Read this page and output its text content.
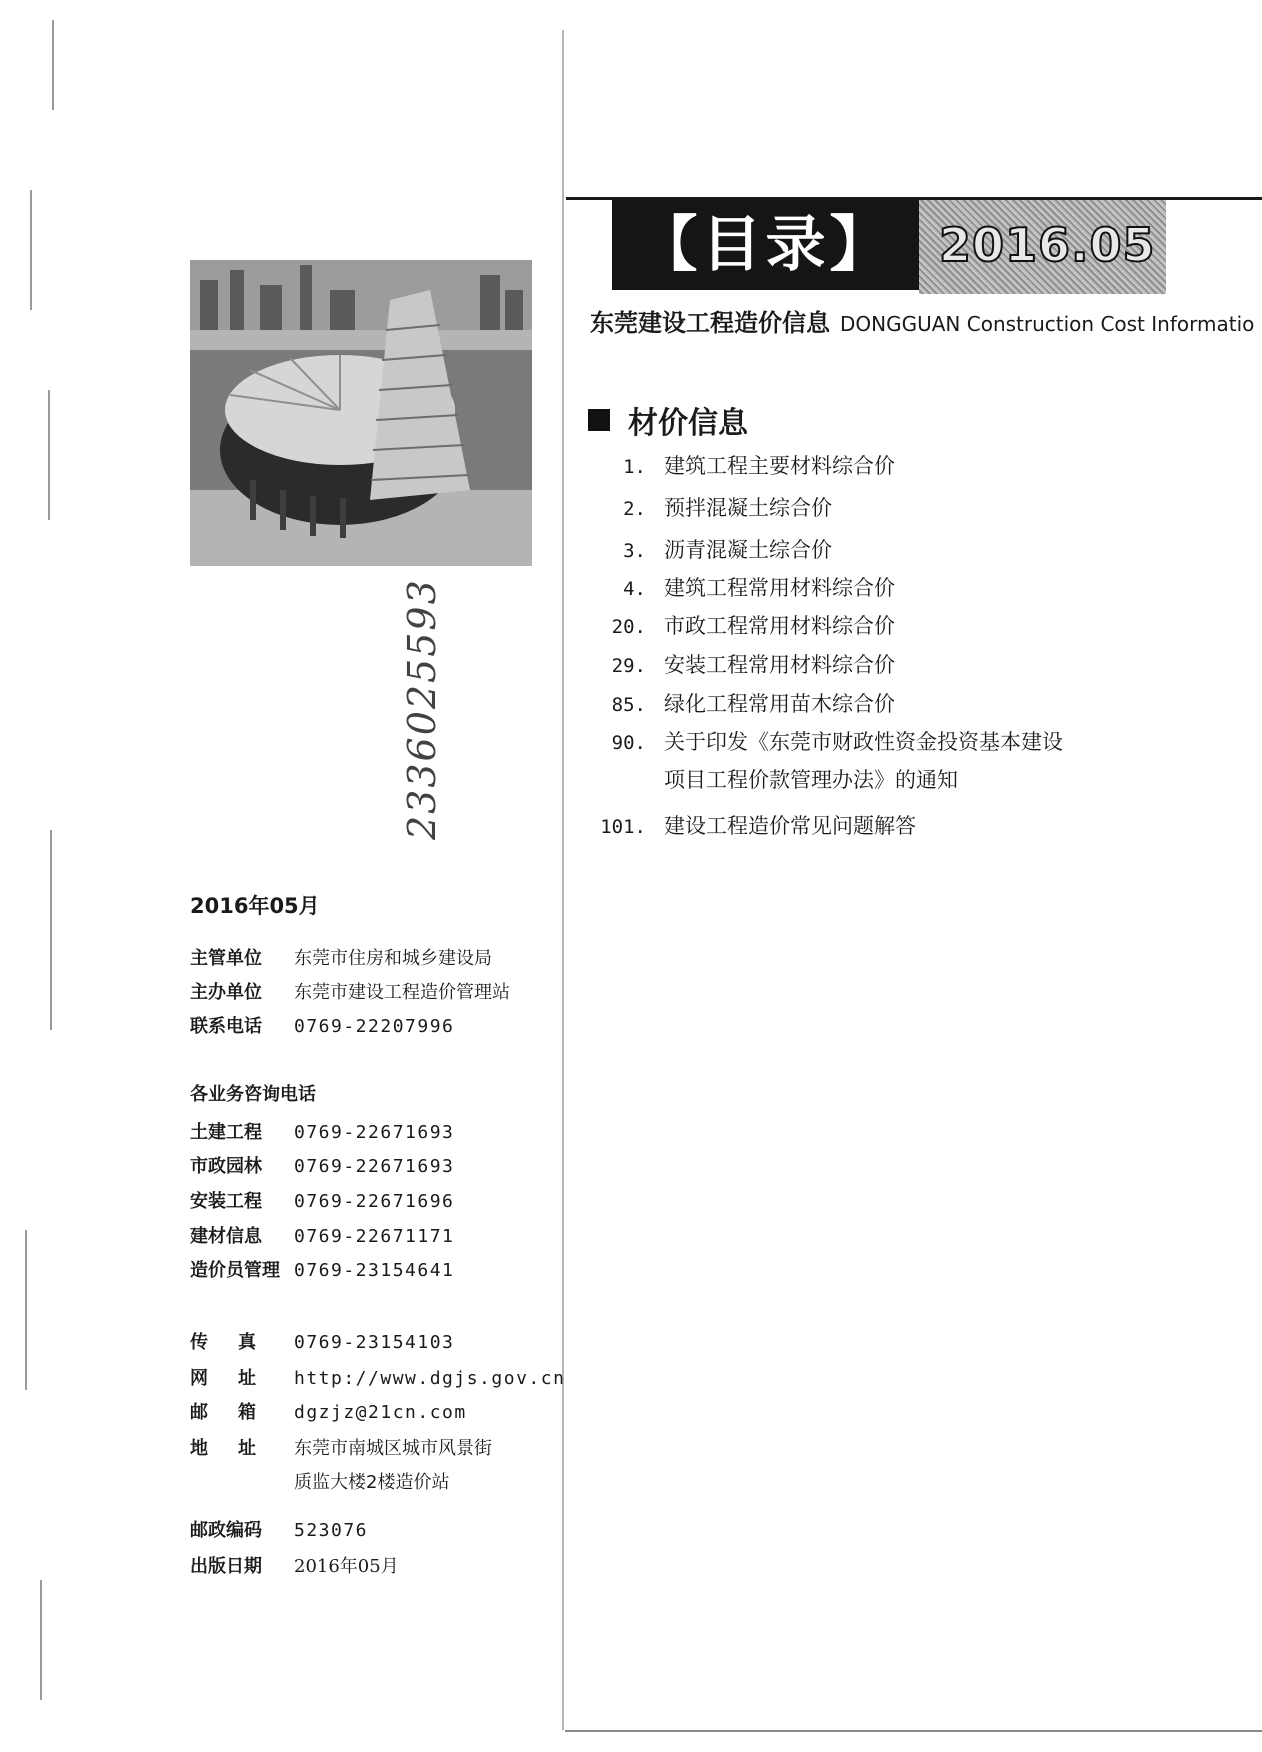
2336025593
【目录】 2016.05
东莞建设工程造价信息 DONGGUAN Construction Cost Informatio
材价信息
1. 建筑工程主要材料综合价
2. 预拌混凝土综合价
3. 沥青混凝土综合价
4. 建筑工程常用材料综合价
20. 市政工程常用材料综合价
29. 安装工程常用材料综合价
85. 绿化工程常用苗木综合价
90. 关于印发《东莞市财政性资金投资基本建设
项目工程价款管理办法》的通知
101. 建设工程造价常见问题解答
2016年05月
主管单位 东莞市住房和城乡建设局
主办单位 东莞市建设工程造价管理站
联系电话 0769-22207996
各业务咨询电话
土建工程 0769-22671693
市政园林 0769-22671693
安装工程 0769-22671696
建材信息 0769-22671171
造价员管理 0769-23154641
传真 0769-23154103
网址 http://www.dgjs.gov.cn
邮箱 dgzjz@21cn.com
地址 东莞市南城区城市风景街
质监大楼2楼造价站
邮政编码 523076
出版日期 2016年05月
